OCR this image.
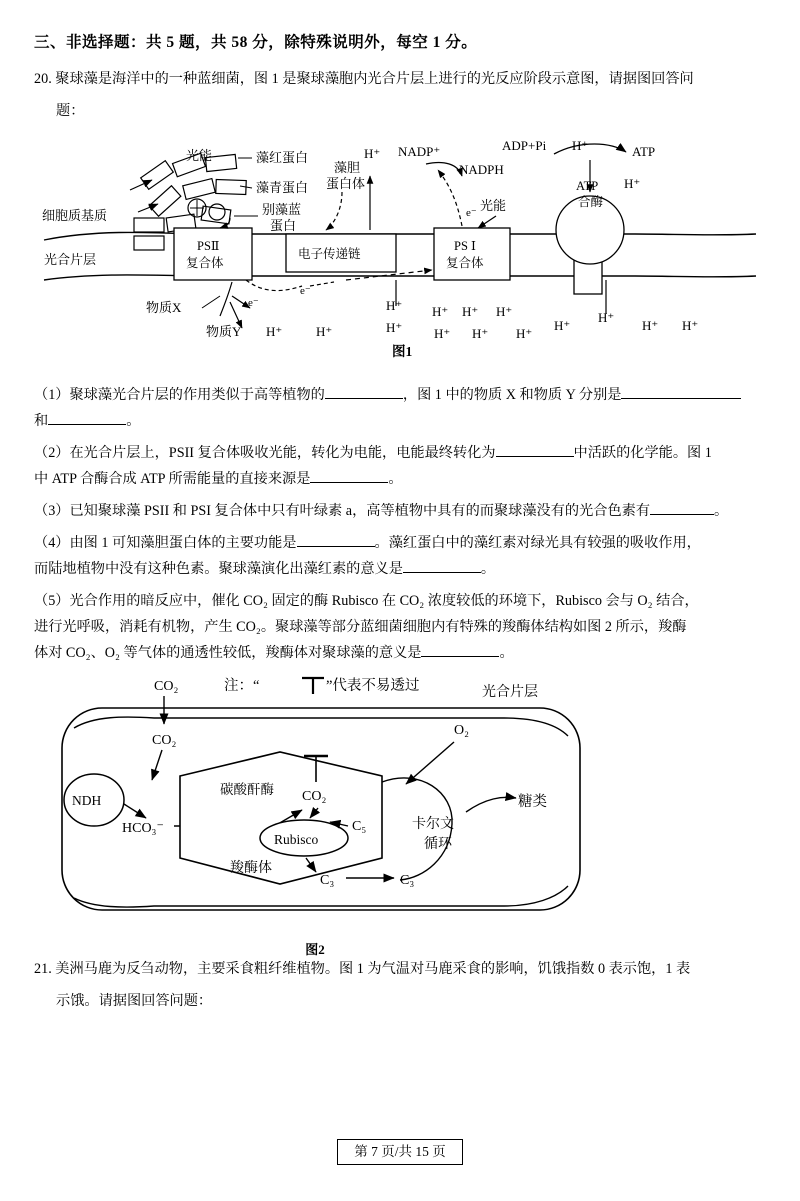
三、非选择题：共 5 题，共 58 分，除特殊说明外，每空 1 分。
20. 聚球藻是海洋中的一种蓝细菌，图 1 是聚球藻胞内光合片层上进行的光反应阶段示意图，请据图回答问
题：
光能	藻红蛋白
藻青蛋白
别藻蓝
蛋白
细胞质基质
光合片层
PSⅡ
复合体
电子传递链
PS Ⅰ
复合体
ATP
合酶
藻胆
蛋白体
H⁺ NADP⁺
NADPH
ADP+Pi H⁺	ATP
H⁺
光能
e⁻
e⁻
e⁻
物质X
物质Y H⁺	H⁺
H⁺
H⁺
H⁺ H⁺ H⁺
H⁺ H⁺ H⁺
H⁺
H⁺
H⁺ H⁺
图1
（1）聚球藻光合片层的作用类似于高等植物的	，图 1 中的物质 X 和物质 Y 分别是
和	。
（2）在光合片层上，PSII 复合体吸收光能，转化为电能，电能最终转化为	中活跃的化学能。图 1
中 ATP 合酶合成 ATP 所需能量的直接来源是	。
（3）已知聚球藻 PSII 和 PSI 复合体中只有叶绿素 a，高等植物中具有的而聚球藻没有的光合色素有	。
（4）由图 1 可知藻胆蛋白体的主要功能是	。藻红蛋白中的藻红素对绿光具有较强的吸收作用，
而陆地植物中没有这种色素。聚球藻演化出藻红素的意义是	。
（5）光合作用的暗反应中，催化 CO₂ 固定的酶 Rubisco 在 CO₂ 浓度较低的环境下，Rubisco 会与 O₂ 结合，
进行光呼吸，消耗有机物，产生 CO₂。聚球藻等部分蓝细菌细胞内有特殊的羧酶体结构如图 2 所示，羧酶
体对 CO₂、O₂ 等气体的通透性较低，羧酶体对聚球藻的意义是	。
注：“	”代表不易透过	光合片层
CO₂
CO₂
NDH
HCO₃⁻
碳酸酐酶 CO₂
Rubisco
C₅
C₃	C₃
羧酶体
O₂
卡尔文
循环
糖类
图2
21. 美洲马鹿为反刍动物，主要采食粗纤维植物。图 1 为气温对马鹿采食的影响，饥饿指数 0 表示饱，1 表
示饿。请据图回答问题：
第 7 页/共 15 页
